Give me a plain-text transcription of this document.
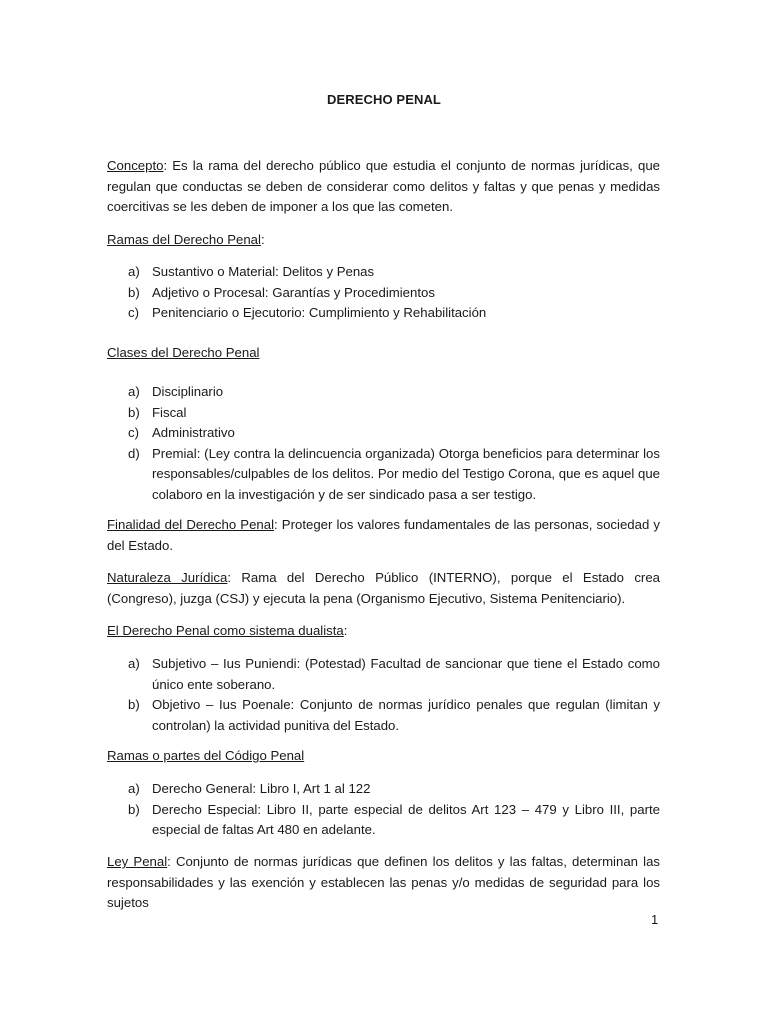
DERECHO PENAL
Concepto: Es la rama del derecho público que estudia el conjunto de normas jurídicas, que regulan que conductas se deben de considerar como delitos y faltas y que penas y medidas coercitivas se les deben de imponer a los que las cometen.
Ramas del Derecho Penal:
a) Sustantivo o Material: Delitos y Penas
b) Adjetivo o Procesal: Garantías y Procedimientos
c) Penitenciario o Ejecutorio: Cumplimiento y Rehabilitación
Clases del Derecho Penal
a) Disciplinario
b) Fiscal
c) Administrativo
d) Premial: (Ley contra la delincuencia organizada) Otorga beneficios para determinar los responsables/culpables de los delitos. Por medio del Testigo Corona, que es aquel que colaboro en la investigación y de ser sindicado pasa a ser testigo.
Finalidad del Derecho Penal: Proteger los valores fundamentales de las personas, sociedad y del Estado.
Naturaleza Jurídica: Rama del Derecho Público (INTERNO), porque el Estado crea (Congreso), juzga (CSJ) y ejecuta la pena (Organismo Ejecutivo, Sistema Penitenciario).
El Derecho Penal como sistema dualista:
a) Subjetivo – Ius Puniendi: (Potestad) Facultad de sancionar que tiene el Estado como único ente soberano.
b) Objetivo – Ius Poenale: Conjunto de normas jurídico penales que regulan (limitan y controlan) la actividad punitiva del Estado.
Ramas o partes del Código Penal
a) Derecho General: Libro I, Art 1 al 122
b) Derecho Especial: Libro II, parte especial de delitos Art 123 – 479 y Libro III, parte especial de faltas Art 480 en adelante.
Ley Penal: Conjunto de normas jurídicas que definen los delitos y las faltas, determinan las responsabilidades y las exención y establecen las penas y/o medidas de seguridad para los sujetos
1
